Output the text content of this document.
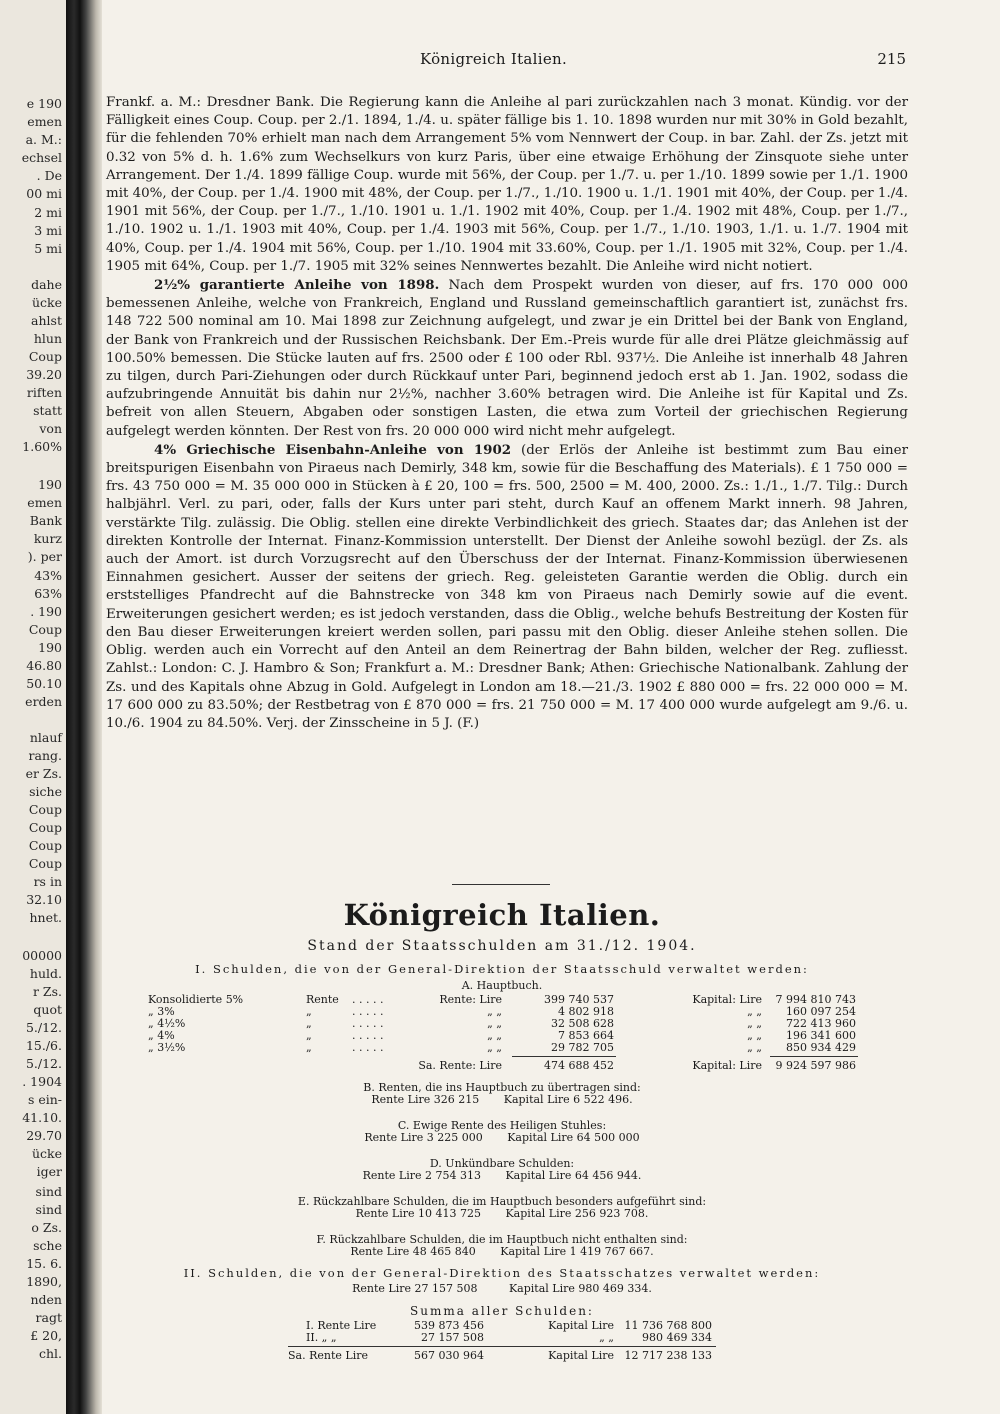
e 190
emen
a. M.:
echsel
. De
00 mi
2 mi
3 mi
5 mi
dahe
ücke
ahlst
hlun
Coup
39.20
riften
statt
von
1.60%
190
emen
Bank
kurz
). per
43%
63%
. 190
Coup
190
46.80
50.10
erden
nlauf
rang.
er Zs.
siche
Coup
Coup
Coup
Coup
rs in
32.10
hnet.
00000
huld.
r Zs.
quot
5./12.
15./6.
5./12.
. 1904
s ein-
41.10.
29.70
ücke
iger
sind
sind
o Zs.
sche
15. 6.
1890,
nden
ragt
£ 20,
chl.
Königreich Italien.	215

Frankf. a. M.: Dresdner Bank. Die Regierung kann die Anleihe al pari zurückzahlen nach 3 monat. Kündig. vor der Fälligkeit eines Coup. Coup. per 2./1. 1894, 1./4. u. später fällige bis 1. 10. 1898 wurden nur mit 30% in Gold bezahlt, für die fehlenden 70% erhielt man nach dem Arrangement 5% vom Nennwert der Coup. in bar. Zahl. der Zs. jetzt mit 0.32 von 5% d. h. 1.6% zum Wechselkurs von kurz Paris, über eine etwaige Erhöhung der Zinsquote siehe unter Arrangement. Der 1./4. 1899 fällige Coup. wurde mit 56%, der Coup. per 1./7. u. per 1./10. 1899 sowie per 1./1. 1900 mit 40%, der Coup. per 1./4. 1900 mit 48%, der Coup. per 1./7., 1./10. 1900 u. 1./1. 1901 mit 40%, der Coup. per 1./4. 1901 mit 56%, der Coup. per 1./7., 1./10. 1901 u. 1./1. 1902 mit 40%, Coup. per 1./4. 1902 mit 48%, Coup. per 1./7., 1./10. 1902 u. 1./1. 1903 mit 40%, Coup. per 1./4. 1903 mit 56%, Coup. per 1./7., 1./10. 1903, 1./1. u. 1./7. 1904 mit 40%, Coup. per 1./4. 1904 mit 56%, Coup. per 1./10. 1904 mit 33.60%, Coup. per 1./1. 1905 mit 32%, Coup. per 1./4. 1905 mit 64%, Coup. per 1./7. 1905 mit 32% seines Nennwertes bezahlt. Die Anleihe wird nicht notiert.

2½% garantierte Anleihe von 1898. Nach dem Prospekt wurden von dieser, auf frs. 170 000 000 bemessenen Anleihe, welche von Frankreich, England und Russland gemeinschaftlich garantiert ist, zunächst frs. 148 722 500 nominal am 10. Mai 1898 zur Zeichnung aufgelegt, und zwar je ein Drittel bei der Bank von England, der Bank von Frankreich und der Russischen Reichsbank. Der Em.-Preis wurde für alle drei Plätze gleichmässig auf 100.50% bemessen. Die Stücke lauten auf frs. 2500 oder £ 100 oder Rbl. 937½. Die Anleihe ist innerhalb 48 Jahren zu tilgen, durch Pari-Ziehungen oder durch Rückkauf unter Pari, beginnend jedoch erst ab 1. Jan. 1902, sodass die aufzubringende Annuität bis dahin nur 2½%, nachher 3.60% betragen wird. Die Anleihe ist für Kapital und Zs. befreit von allen Steuern, Abgaben oder sonstigen Lasten, die etwa zum Vorteil der griechischen Regierung aufgelegt werden könnten. Der Rest von frs. 20 000 000 wird nicht mehr aufgelegt.

4% Griechische Eisenbahn-Anleihe von 1902 (der Erlös der Anleihe ist bestimmt zum Bau einer breitspurigen Eisenbahn von Piraeus nach Demirly, 348 km, sowie für die Beschaffung des Materials). £ 1 750 000 = frs. 43 750 000 = M. 35 000 000 in Stücken à £ 20, 100 = frs. 500, 2500 = M. 400, 2000. Zs.: 1./1., 1./7. Tilg.: Durch halbjährl. Verl. zu pari, oder, falls der Kurs unter pari steht, durch Kauf an offenem Markt innerh. 98 Jahren, verstärkte Tilg. zulässig. Die Oblig. stellen eine direkte Verbindlichkeit des griech. Staates dar; das Anlehen ist der direkten Kontrolle der Internat. Finanz-Kommission unterstellt. Der Dienst der Anleihe sowohl bezügl. der Zs. als auch der Amort. ist durch Vorzugsrecht auf den Überschuss der der Internat. Finanz-Kommission überwiesenen Einnahmen gesichert. Ausser der seitens der griech. Reg. geleisteten Garantie werden die Oblig. durch ein erststelliges Pfandrecht auf die Bahnstrecke von 348 km von Piraeus nach Demirly sowie auf die event. Erweiterungen gesichert werden; es ist jedoch verstanden, dass die Oblig., welche behufs Bestreitung der Kosten für den Bau dieser Erweiterungen kreiert werden sollen, pari passu mit den Oblig. dieser Anleihe stehen sollen. Die Oblig. werden auch ein Vorrecht auf den Anteil an dem Reinertrag der Bahn bilden, welcher der Reg. zufliesst. Zahlst.: London: C. J. Hambro & Son; Frankfurt a. M.: Dresdner Bank; Athen: Griechische Nationalbank. Zahlung der Zs. und des Kapitals ohne Abzug in Gold. Aufgelegt in London am 18.—21./3. 1902 £ 880 000 = frs. 22 000 000 = M. 17 600 000 zu 83.50%; der Restbetrag von £ 870 000 = frs. 21 750 000 = M. 17 400 000 wurde aufgelegt am 9./6. u. 10./6. 1904 zu 84.50%. Verj. der Zinsscheine in 5 J. (F.)

Königreich Italien.
Stand der Staatsschulden am 31./12. 1904.
I. Schulden, die von der General-Direktion der Staatsschuld verwaltet werden:
A. Hauptbuch.
Konsolidierte 5%	Rente . . . . .	Rente: Lire	399 740 537	Kapital: Lire	7 994 810 743
„ 3%	„	. . . . .	„ „	4 802 918	„ „	160 097 254
„ 4½%	„	. . . . .	„ „	32 508 628	„ „	722 413 960
„ 4%	„	. . . . .	„ „	7 853 664	„ „	196 341 600
„ 3½%	„	. . . . .	„ „	29 782 705	„ „	850 934 429
Sa. Rente: Lire	474 688 452	Kapital: Lire	9 924 597 986
B. Renten, die ins Hauptbuch zu übertragen sind:
Rente Lire 326 215 Kapital Lire 6 522 496.
C. Ewige Rente des Heiligen Stuhles:
Rente Lire 3 225 000 Kapital Lire 64 500 000
D. Unkündbare Schulden:
Rente Lire 2 754 313 Kapital Lire 64 456 944.
E. Rückzahlbare Schulden, die im Hauptbuch besonders aufgeführt sind:
Rente Lire 10 413 725 Kapital Lire 256 923 708.
F. Rückzahlbare Schulden, die im Hauptbuch nicht enthalten sind:
Rente Lire 48 465 840 Kapital Lire 1 419 767 667.
II. Schulden, die von der General-Direktion des Staatsschatzes verwaltet werden:
Rente Lire 27 157 508	Kapital Lire 980 469 334.
Summa aller Schulden:
I. Rente Lire	539 873 456	Kapital Lire 11 736 768 800
II. „ „	27 157 508	„ „	980 469 334
Sa. Rente Lire	567 030 964	Kapital Lire 12 717 238 133
